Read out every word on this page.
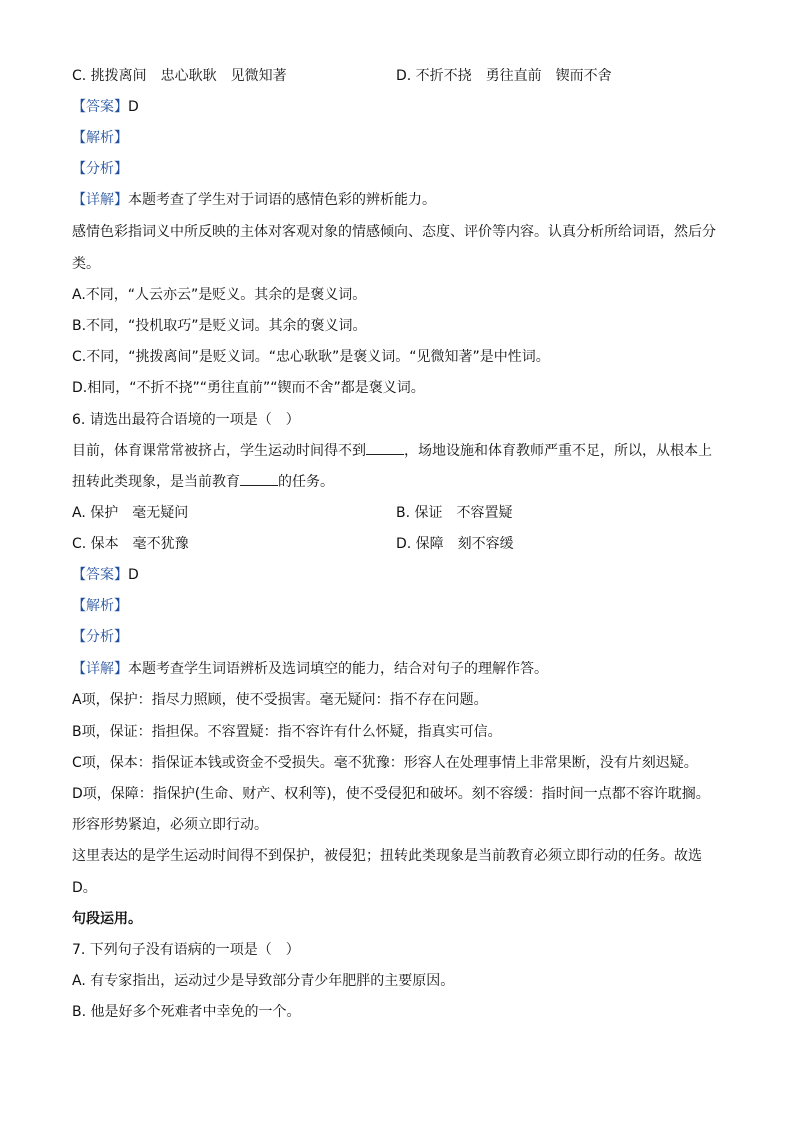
C. 挑拨离间　忠心耿耿　见微知著	D. 不折不挠　勇往直前　锲而不舍
【答案】D
【解析】
【分析】
【详解】本题考查了学生对于词语的感情色彩的辨析能力。
感情色彩指词义中所反映的主体对客观对象的情感倾向、态度、评价等内容。认真分析所给词语，然后分
类。
A.不同，“人云亦云”是贬义。其余的是褒义词。
B.不同，“投机取巧”是贬义词。其余的褒义词。
C.不同，“挑拨离间”是贬义词。“忠心耿耿”是褒义词。“见微知著”是中性词。
D.相同，“不折不挠”“勇往直前”“锲而不舍”都是褒义词。
6. 请选出最符合语境的一项是（　）
目前，体育课常常被挤占，学生运动时间得不到	，场地设施和体育教师严重不足，所以，从根本上
扭转此类现象，是当前教育	的任务。
A. 保护　毫无疑问	B. 保证　不容置疑
C. 保本　毫不犹豫	D. 保障　刻不容缓
【答案】D
【解析】
【分析】
【详解】本题考查学生词语辨析及选词填空的能力，结合对句子的理解作答。
A项，保护：指尽力照顾，使不受损害。毫无疑问：指不存在问题。
B项，保证：指担保。不容置疑：指不容许有什么怀疑，指真实可信。
C项，保本：指保证本钱或资金不受损失。毫不犹豫：形容人在处理事情上非常果断，没有片刻迟疑。
D项，保障：指保护(生命、财产、权利等)，使不受侵犯和破坏。刻不容缓：指时间一点都不容许耽搁。
形容形势紧迫，必须立即行动。
这里表达的是学生运动时间得不到保护，被侵犯；扭转此类现象是当前教育必须立即行动的任务。故选
D。
句段运用。
7. 下列句子没有语病的一项是（　）
A. 有专家指出，运动过少是导致部分青少年肥胖的主要原因。
B. 他是好多个死难者中幸免的一个。
